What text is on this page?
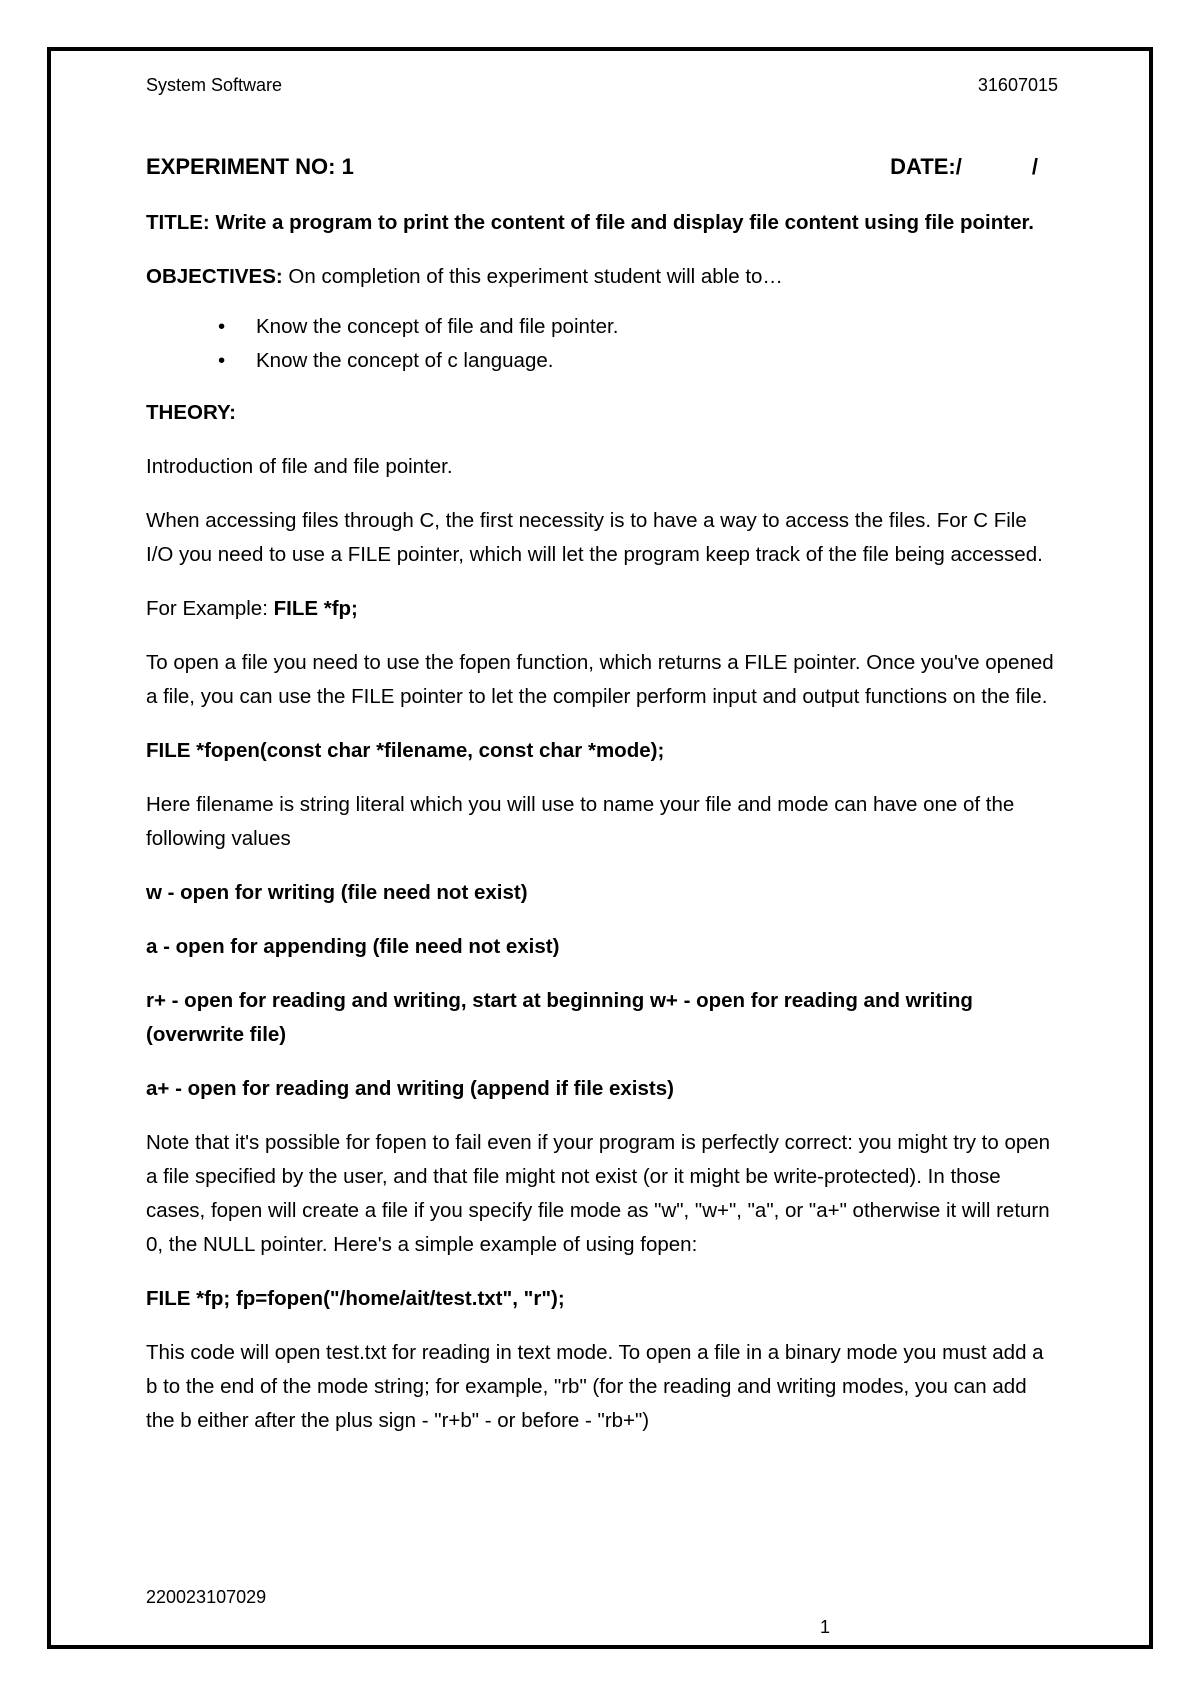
System Software	31607015

EXPERIMENT NO: 1	DATE:/	/

TITLE: Write a program to print the content of file and display file content using file pointer.

OBJECTIVES: On completion of this experiment student will able to…

• Know the concept of file and file pointer.
• Know the concept of c language.

THEORY:

Introduction of file and file pointer.

When accessing files through C, the first necessity is to have a way to access the files. For C File I/O you need to use a FILE pointer, which will let the program keep track of the file being accessed.

For Example: FILE *fp;

To open a file you need to use the fopen function, which returns a FILE pointer. Once you've opened a file, you can use the FILE pointer to let the compiler perform input and output functions on the file.

FILE *fopen(const char *filename, const char *mode);

Here filename is string literal which you will use to name your file and mode can have one of the following values

w - open for writing (file need not exist)

a - open for appending (file need not exist)

r+ - open for reading and writing, start at beginning w+ - open for reading and writing (overwrite file)

a+ - open for reading and writing (append if file exists)

Note that it's possible for fopen to fail even if your program is perfectly correct: you might try to open a file specified by the user, and that file might not exist (or it might be write-protected). In those cases, fopen will create a file if you specify file mode as "w", "w+", "a", or "a+" otherwise it will return 0, the NULL pointer. Here's a simple example of using fopen:

FILE *fp; fp=fopen("/home/ait/test.txt", "r");

This code will open test.txt for reading in text mode. To open a file in a binary mode you must add a b to the end of the mode string; for example, "rb" (for the reading and writing modes, you can add the b either after the plus sign - "r+b" - or before - "rb+")

220023107029
1
